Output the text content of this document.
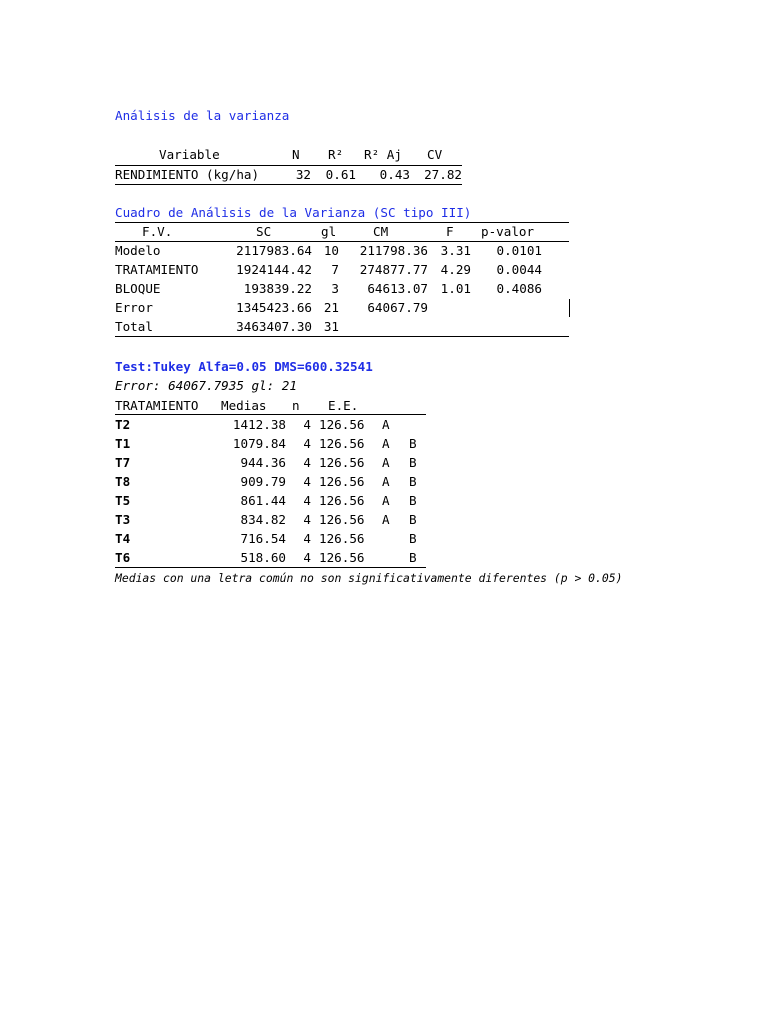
Análisis de la varianza
Variable	N R² R² Aj CV
RENDIMIENTO (kg/ha)	32	0.61	0.43	27.82
Cuadro de Análisis de la Varianza (SC tipo III)
F.V.	SC	gl	CM	F p-valor
Modelo	2117983.64 10	211798.36	3.31	0.0101
TRATAMIENTO	1924144.42	7	274877.77	4.29	0.0044
BLOQUE	193839.22	3	64613.07	1.01	0.4086
Error	1345423.66 21	64067.79
Total	3463407.30 31
Test:Tukey Alfa=0.05 DMS=600.32541
Error: 64067.7935 gl: 21
TRATAMIENTO Medias n E.E.
T2	1412.38	4 126.56 A
T1	1079.84	4 126.56 A B
T7	944.36	4 126.56 A B
T8	909.79	4 126.56 A B
T5	861.44	4 126.56 A B
T3	834.82	4 126.56 A B
T4	716.54	4 126.56	B
T6	518.60	4 126.56	B
Medias con una letra común no son significativamente diferentes (p > 0.05)
